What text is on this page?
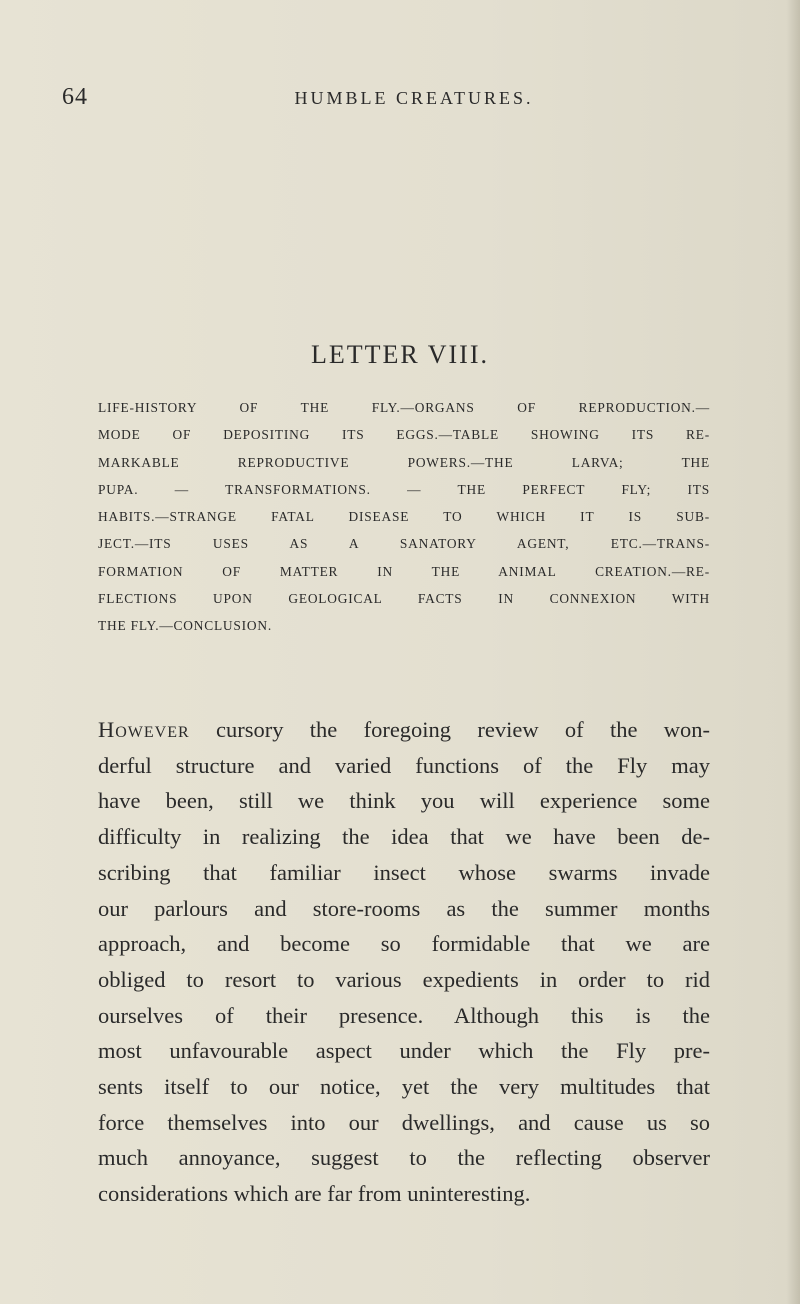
64	HUMBLE CREATURES.
LETTER VIII.
LIFE-HISTORY OF THE FLY.—ORGANS OF REPRODUCTION.—
MODE OF DEPOSITING ITS EGGS.—TABLE SHOWING ITS RE-
MARKABLE REPRODUCTIVE POWERS.—THE LARVA; THE
PUPA. — TRANSFORMATIONS. — THE PERFECT FLY; ITS
HABITS.—STRANGE FATAL DISEASE TO WHICH IT IS SUB-
JECT.—ITS USES AS A SANATORY AGENT, ETC.—TRANS-
FORMATION OF MATTER IN THE ANIMAL CREATION.—RE-
FLECTIONS UPON GEOLOGICAL FACTS IN CONNEXION WITH
THE FLY.—CONCLUSION.
However cursory the foregoing review of the won-
derful structure and varied functions of the Fly may
have been, still we think you will experience some
difficulty in realizing the idea that we have been de-
scribing that familiar insect whose swarms invade
our parlours and store-rooms as the summer months
approach, and become so formidable that we are
obliged to resort to various expedients in order to rid
ourselves of their presence. Although this is the
most unfavourable aspect under which the Fly pre-
sents itself to our notice, yet the very multitudes that
force themselves into our dwellings, and cause us so
much annoyance, suggest to the reflecting observer
considerations which are far from uninteresting.
